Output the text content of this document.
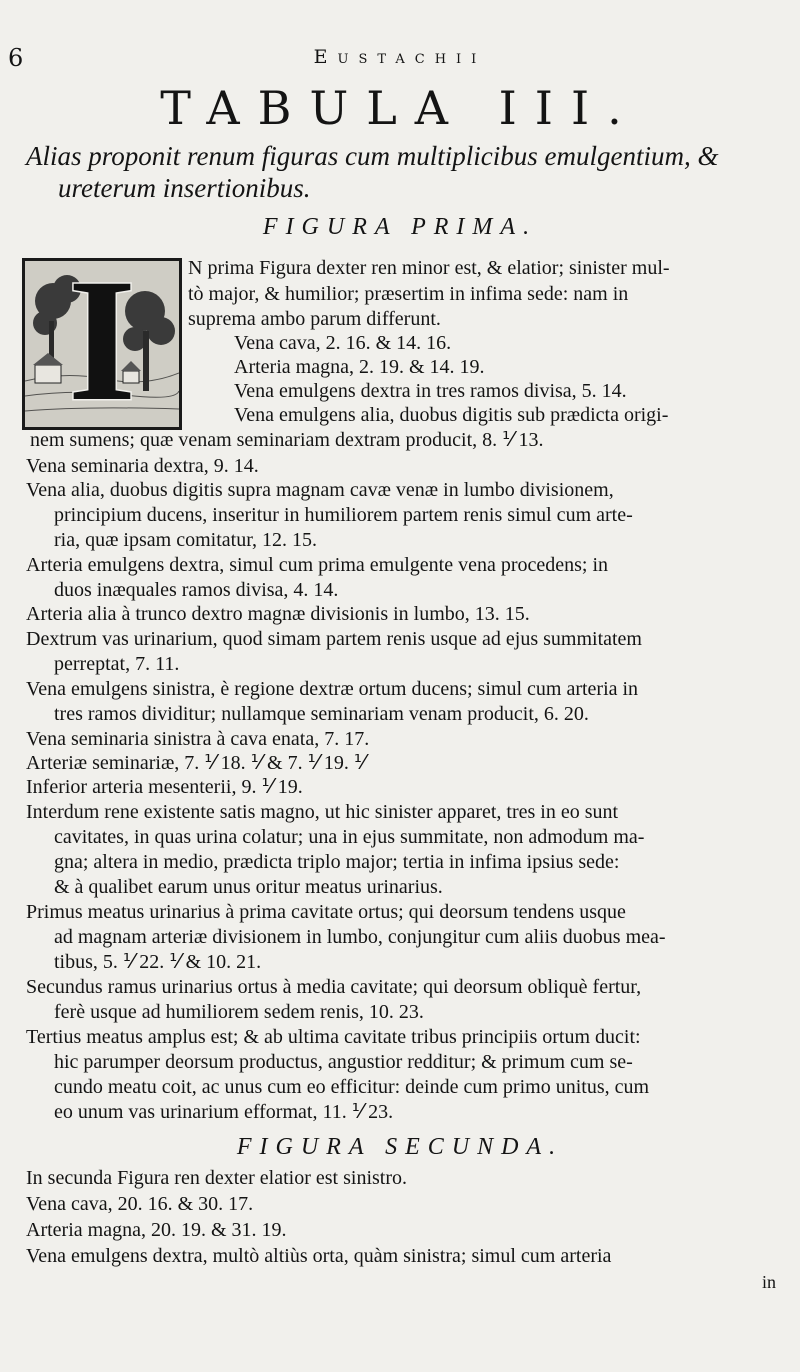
6	Eustachii
TABULA III.
Alias proponit renum figuras cum multiplicibus emulgentium, &
ureterum insertionibus.
FIGURA PRIMA.
I	N prima Figura dexter ren minor est, & elatior; sinister mul-
tò major, & humilior; præsertim in infima sede: nam in
suprema ambo parum differunt.
Vena cava, 2. 16. & 14. 16.
Arteria magna, 2. 19. & 14. 19.
Vena emulgens dextra in tres ramos divisa, 5. 14.
Vena emulgens alia, duobus digitis sub prædicta origi-
nem sumens; quæ venam seminariam dextram producit, 8. ⅟ 13.
Vena seminaria dextra, 9. 14.
Vena alia, duobus digitis supra magnam cavæ venæ in lumbo divisionem,
principium ducens, inseritur in humiliorem partem renis simul cum arte-
ria, quæ ipsam comitatur, 12. 15.
Arteria emulgens dextra, simul cum prima emulgente vena procedens; in
duos inæquales ramos divisa, 4. 14.
Arteria alia à trunco dextro magnæ divisionis in lumbo, 13. 15.
Dextrum vas urinarium, quod simam partem renis usque ad ejus summitatem
perreptat, 7. 11.
Vena emulgens sinistra, è regione dextræ ortum ducens; simul cum arteria in
tres ramos dividitur; nullamque seminariam venam producit, 6. 20.
Vena seminaria sinistra à cava enata, 7. 17.
Arteriæ seminariæ, 7. ⅟ 18. ⅟ & 7. ⅟ 19. ⅟
Inferior arteria mesenterii, 9. ⅟ 19.
Interdum rene existente satis magno, ut hic sinister apparet, tres in eo sunt
cavitates, in quas urina colatur; una in ejus summitate, non admodum ma-
gna; altera in medio, prædicta triplo major; tertia in infima ipsius sede:
& à qualibet earum unus oritur meatus urinarius.
Primus meatus urinarius à prima cavitate ortus; qui deorsum tendens usque
ad magnam arteriæ divisionem in lumbo, conjungitur cum aliis duobus mea-
tibus, 5. ⅟ 22. ⅟ & 10. 21.
Secundus ramus urinarius ortus à media cavitate; qui deorsum obliquè fertur,
ferè usque ad humiliorem sedem renis, 10. 23.
Tertius meatus amplus est; & ab ultima cavitate tribus principiis ortum ducit:
hic parumper deorsum productus, angustior redditur; & primum cum se-
cundo meatu coit, ac unus cum eo efficitur: deinde cum primo unitus, cum
eo unum vas urinarium efformat, 11. ⅟ 23.
FIGURA SECUNDA.
In secunda Figura ren dexter elatior est sinistro.
Vena cava, 20. 16. & 30. 17.
Arteria magna, 20. 19. & 31. 19.
Vena emulgens dextra, multò altiùs orta, quàm sinistra; simul cum arteria
in
